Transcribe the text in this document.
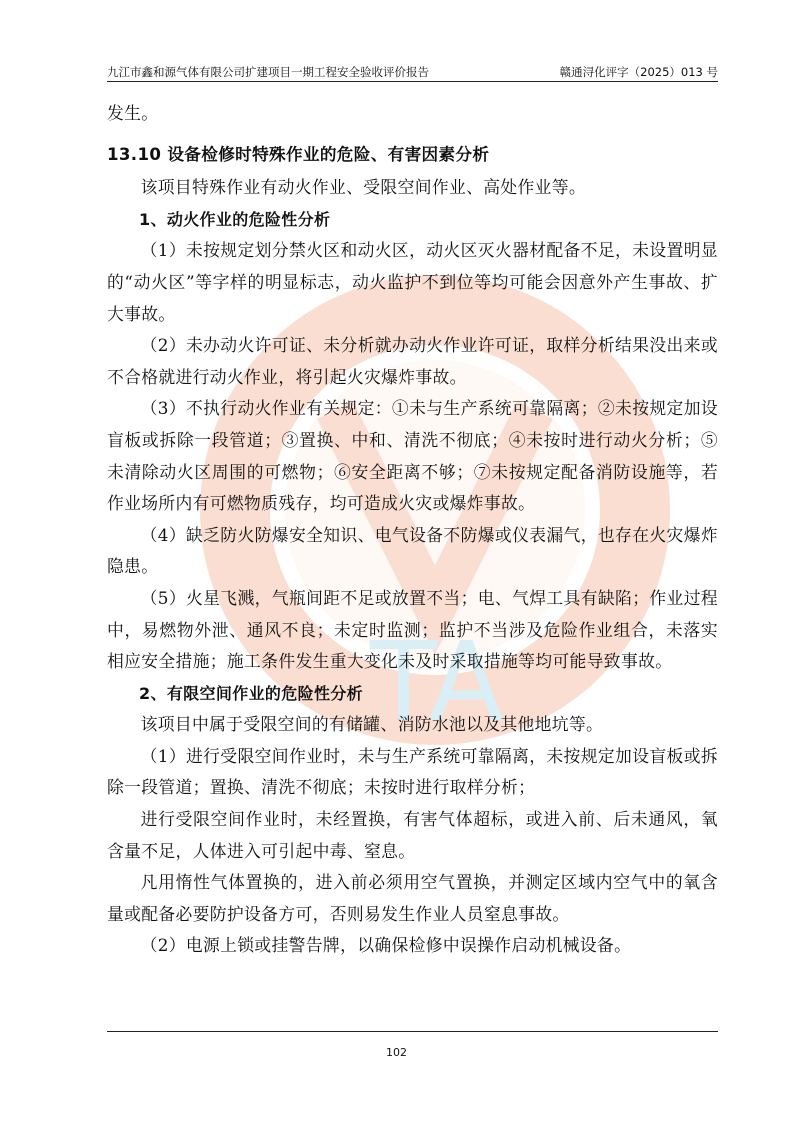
九江市鑫和源气体有限公司扩建项目一期工程安全验收评价报告	赣通浔化评字（2025）013 号
TA

发生。

13.10 设备检修时特殊作业的危险、有害因素分析

该项目特殊作业有动火作业、受限空间作业、高处作业等。

1、动火作业的危险性分析

（1）未按规定划分禁火区和动火区，动火区灭火器材配备不足，未设置明显的“动火区”等字样的明显标志，动火监护不到位等均可能会因意外产生事故、扩大事故。

（2）未办动火许可证、未分析就办动火作业许可证，取样分析结果没出来或不合格就进行动火作业，将引起火灾爆炸事故。

（3）不执行动火作业有关规定：①未与生产系统可靠隔离；②未按规定加设盲板或拆除一段管道；③置换、中和、清洗不彻底；④未按时进行动火分析；⑤未清除动火区周围的可燃物；⑥安全距离不够；⑦未按规定配备消防设施等，若作业场所内有可燃物质残存，均可造成火灾或爆炸事故。

（4）缺乏防火防爆安全知识、电气设备不防爆或仪表漏气，也存在火灾爆炸隐患。

（5）火星飞溅，气瓶间距不足或放置不当；电、气焊工具有缺陷；作业过程中，易燃物外泄、通风不良；未定时监测；监护不当涉及危险作业组合，未落实相应安全措施；施工条件发生重大变化未及时采取措施等均可能导致事故。

2、有限空间作业的危险性分析

该项目中属于受限空间的有储罐、消防水池以及其他地坑等。

（1）进行受限空间作业时，未与生产系统可靠隔离，未按规定加设盲板或拆除一段管道；置换、清洗不彻底；未按时进行取样分析；

进行受限空间作业时，未经置换，有害气体超标，或进入前、后未通风，氧含量不足，人体进入可引起中毒、窒息。

凡用惰性气体置换的，进入前必须用空气置换，并测定区域内空气中的氧含量或配备必要防护设备方可，否则易发生作业人员窒息事故。

（2）电源上锁或挂警告牌，以确保检修中误操作启动机械设备。

102
